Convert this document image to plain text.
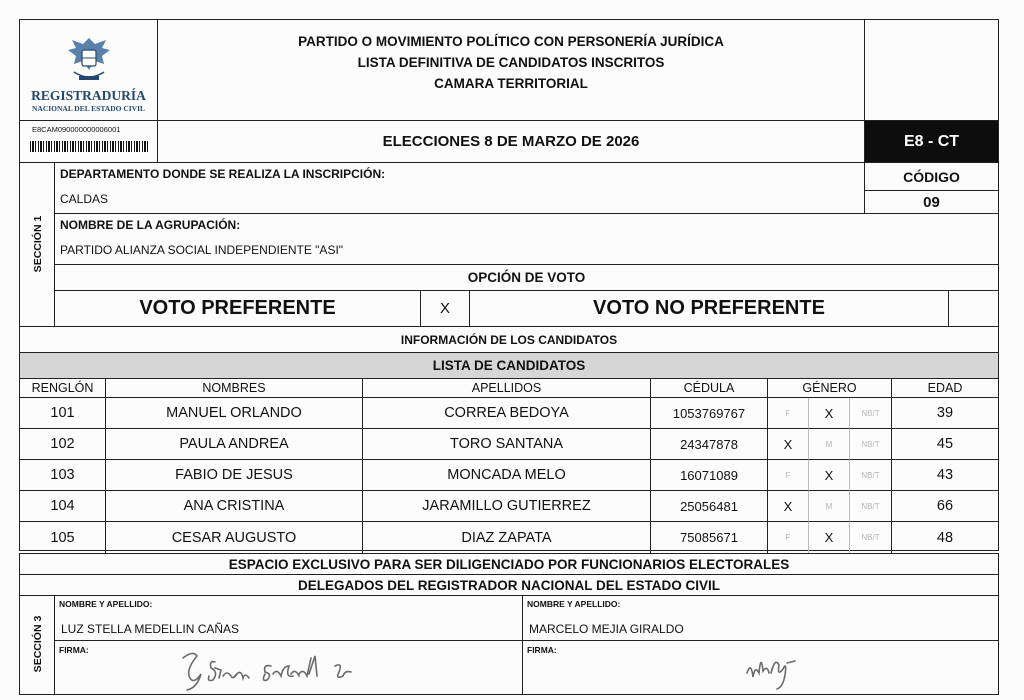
REGISTRADURÍA
NACIONAL DEL ESTADO CIVIL
PARTIDO O MOVIMIENTO POLÍTICO CON PERSONERÍA JURÍDICA
LISTA DEFINITIVA DE CANDIDATOS INSCRITOS
CAMARA TERRITORIAL
E8CAM090000000006001
ELECCIONES 8 DE MARZO DE 2026	E8 - CT
SECCIÓN 1
DEPARTAMENTO DONDE SE REALIZA LA INSCRIPCIÓN:
CALDAS
CÓDIGO
09
NOMBRE DE LA AGRUPACIÓN:
PARTIDO ALIANZA SOCIAL INDEPENDIENTE "ASI"
OPCIÓN DE VOTO
VOTO PREFERENTE	X	VOTO NO PREFERENTE
INFORMACIÓN DE LOS CANDIDATOS
LISTA DE CANDIDATOS
RENGLÓN	NOMBRES	APELLIDOS	CÉDULA	GÉNERO	EDAD
101	MANUEL ORLANDO	CORREA BEDOYA	1053769767	F	X	NB/T	39
102	PAULA ANDREA	TORO SANTANA	24347878	X	M	NB/T	45
103	FABIO DE JESUS	MONCADA MELO	16071089	F	X	NB/T	43
104	ANA CRISTINA	JARAMILLO GUTIERREZ	25056481	X	M	NB/T	66
105	CESAR AUGUSTO	DIAZ ZAPATA	75085671	F	X	NB/T	48
ESPACIO EXCLUSIVO PARA SER DILIGENCIADO POR FUNCIONARIOS ELECTORALES
DELEGADOS DEL REGISTRADOR NACIONAL DEL ESTADO CIVIL
SECCIÓN 3
NOMBRE Y APELLIDO:
LUZ STELLA MEDELLIN CAÑAS
NOMBRE Y APELLIDO:
MARCELO MEJIA GIRALDO
FIRMA:	FIRMA:
